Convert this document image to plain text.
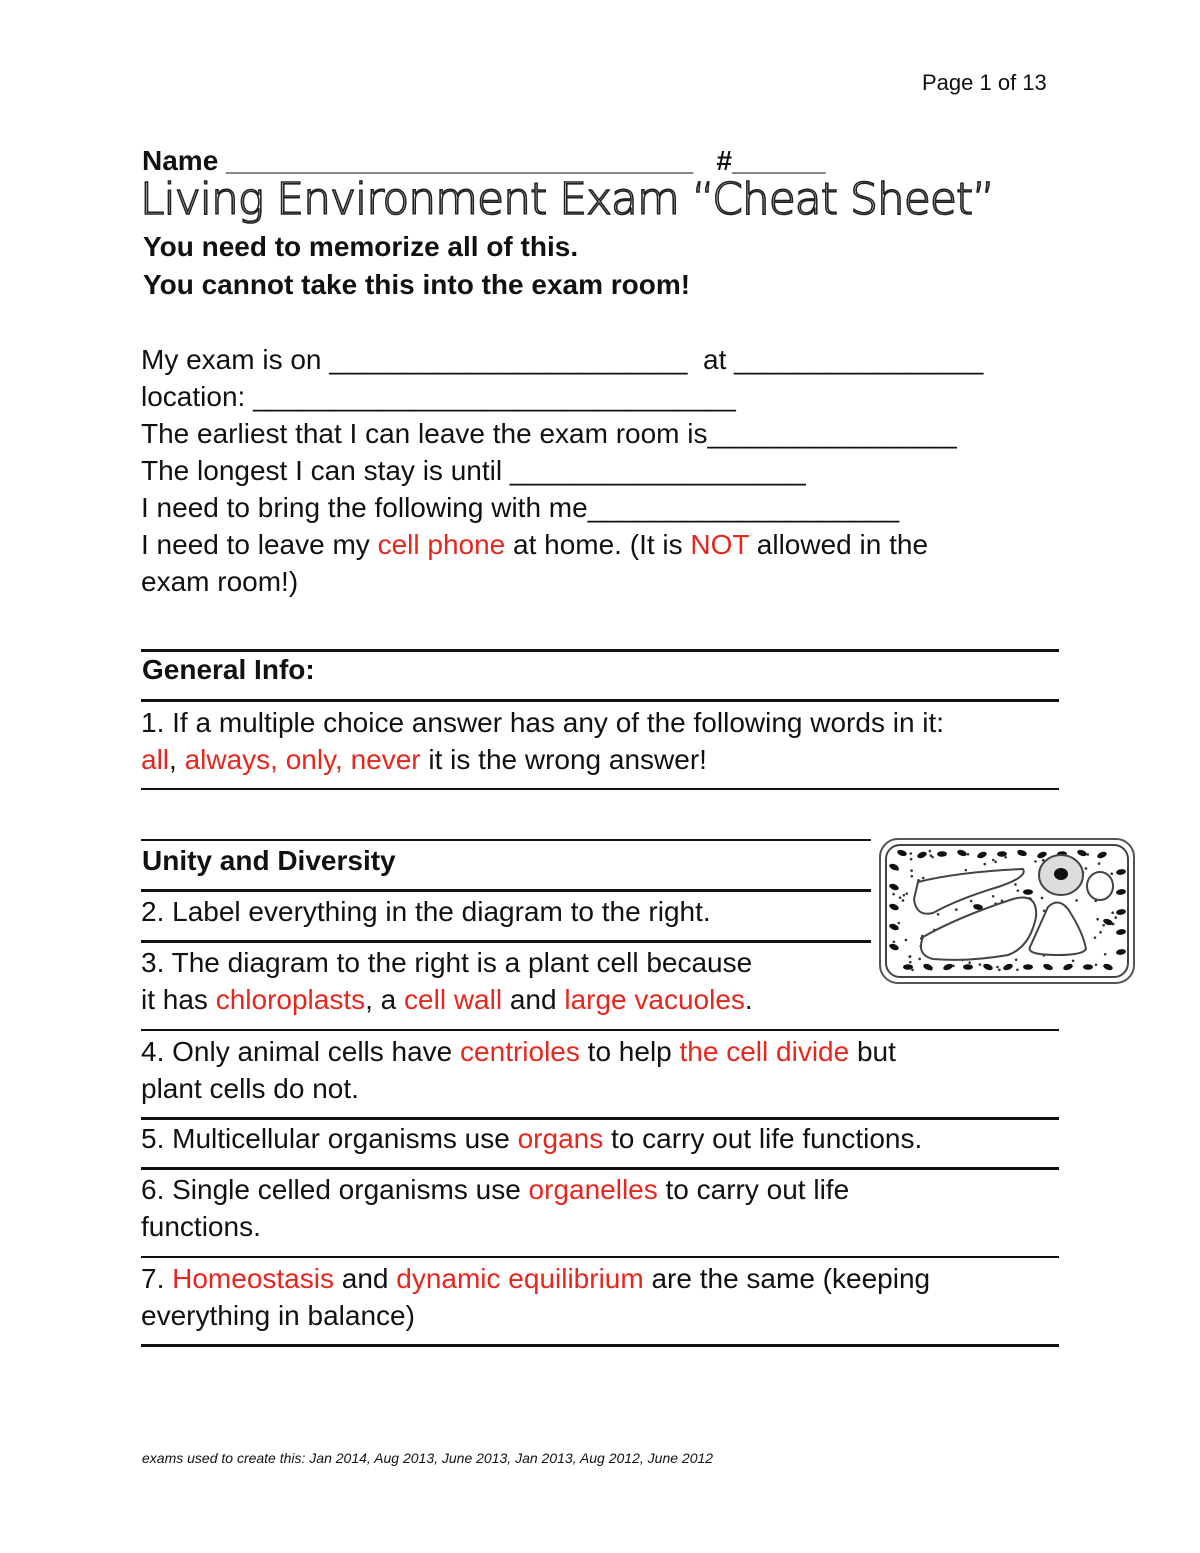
Page 1 of 13
Name ______________________________   #______
Living Environment Exam “Cheat Sheet”
You need to memorize all of this.
You cannot take this into the exam room!
My exam is on _______________________  at ________________
location: _______________________________
The earliest that I can leave the exam room is________________
The longest I can stay is until ___________________
I need to bring the following with me____________________
I need to leave my cell phone at home. (It is NOT allowed in the
exam room!)
General Info:
1. If a multiple choice answer has any of the following words in it:
all, always, only, never it is the wrong answer!
Unity and Diversity
2. Label everything in the diagram to the right.
3. The diagram to the right is a plant cell because
it has chloroplasts, a cell wall and large vacuoles.
4. Only animal cells have centrioles to help the cell divide but
plant cells do not.
5. Multicellular organisms use organs to carry out life functions.
6. Single celled organisms use organelles to carry out life
functions.
7. Homeostasis and dynamic equilibrium are the same (keeping
everything in balance)
exams used to create this: Jan 2014, Aug 2013, June 2013, Jan 2013, Aug 2012, June 2012
